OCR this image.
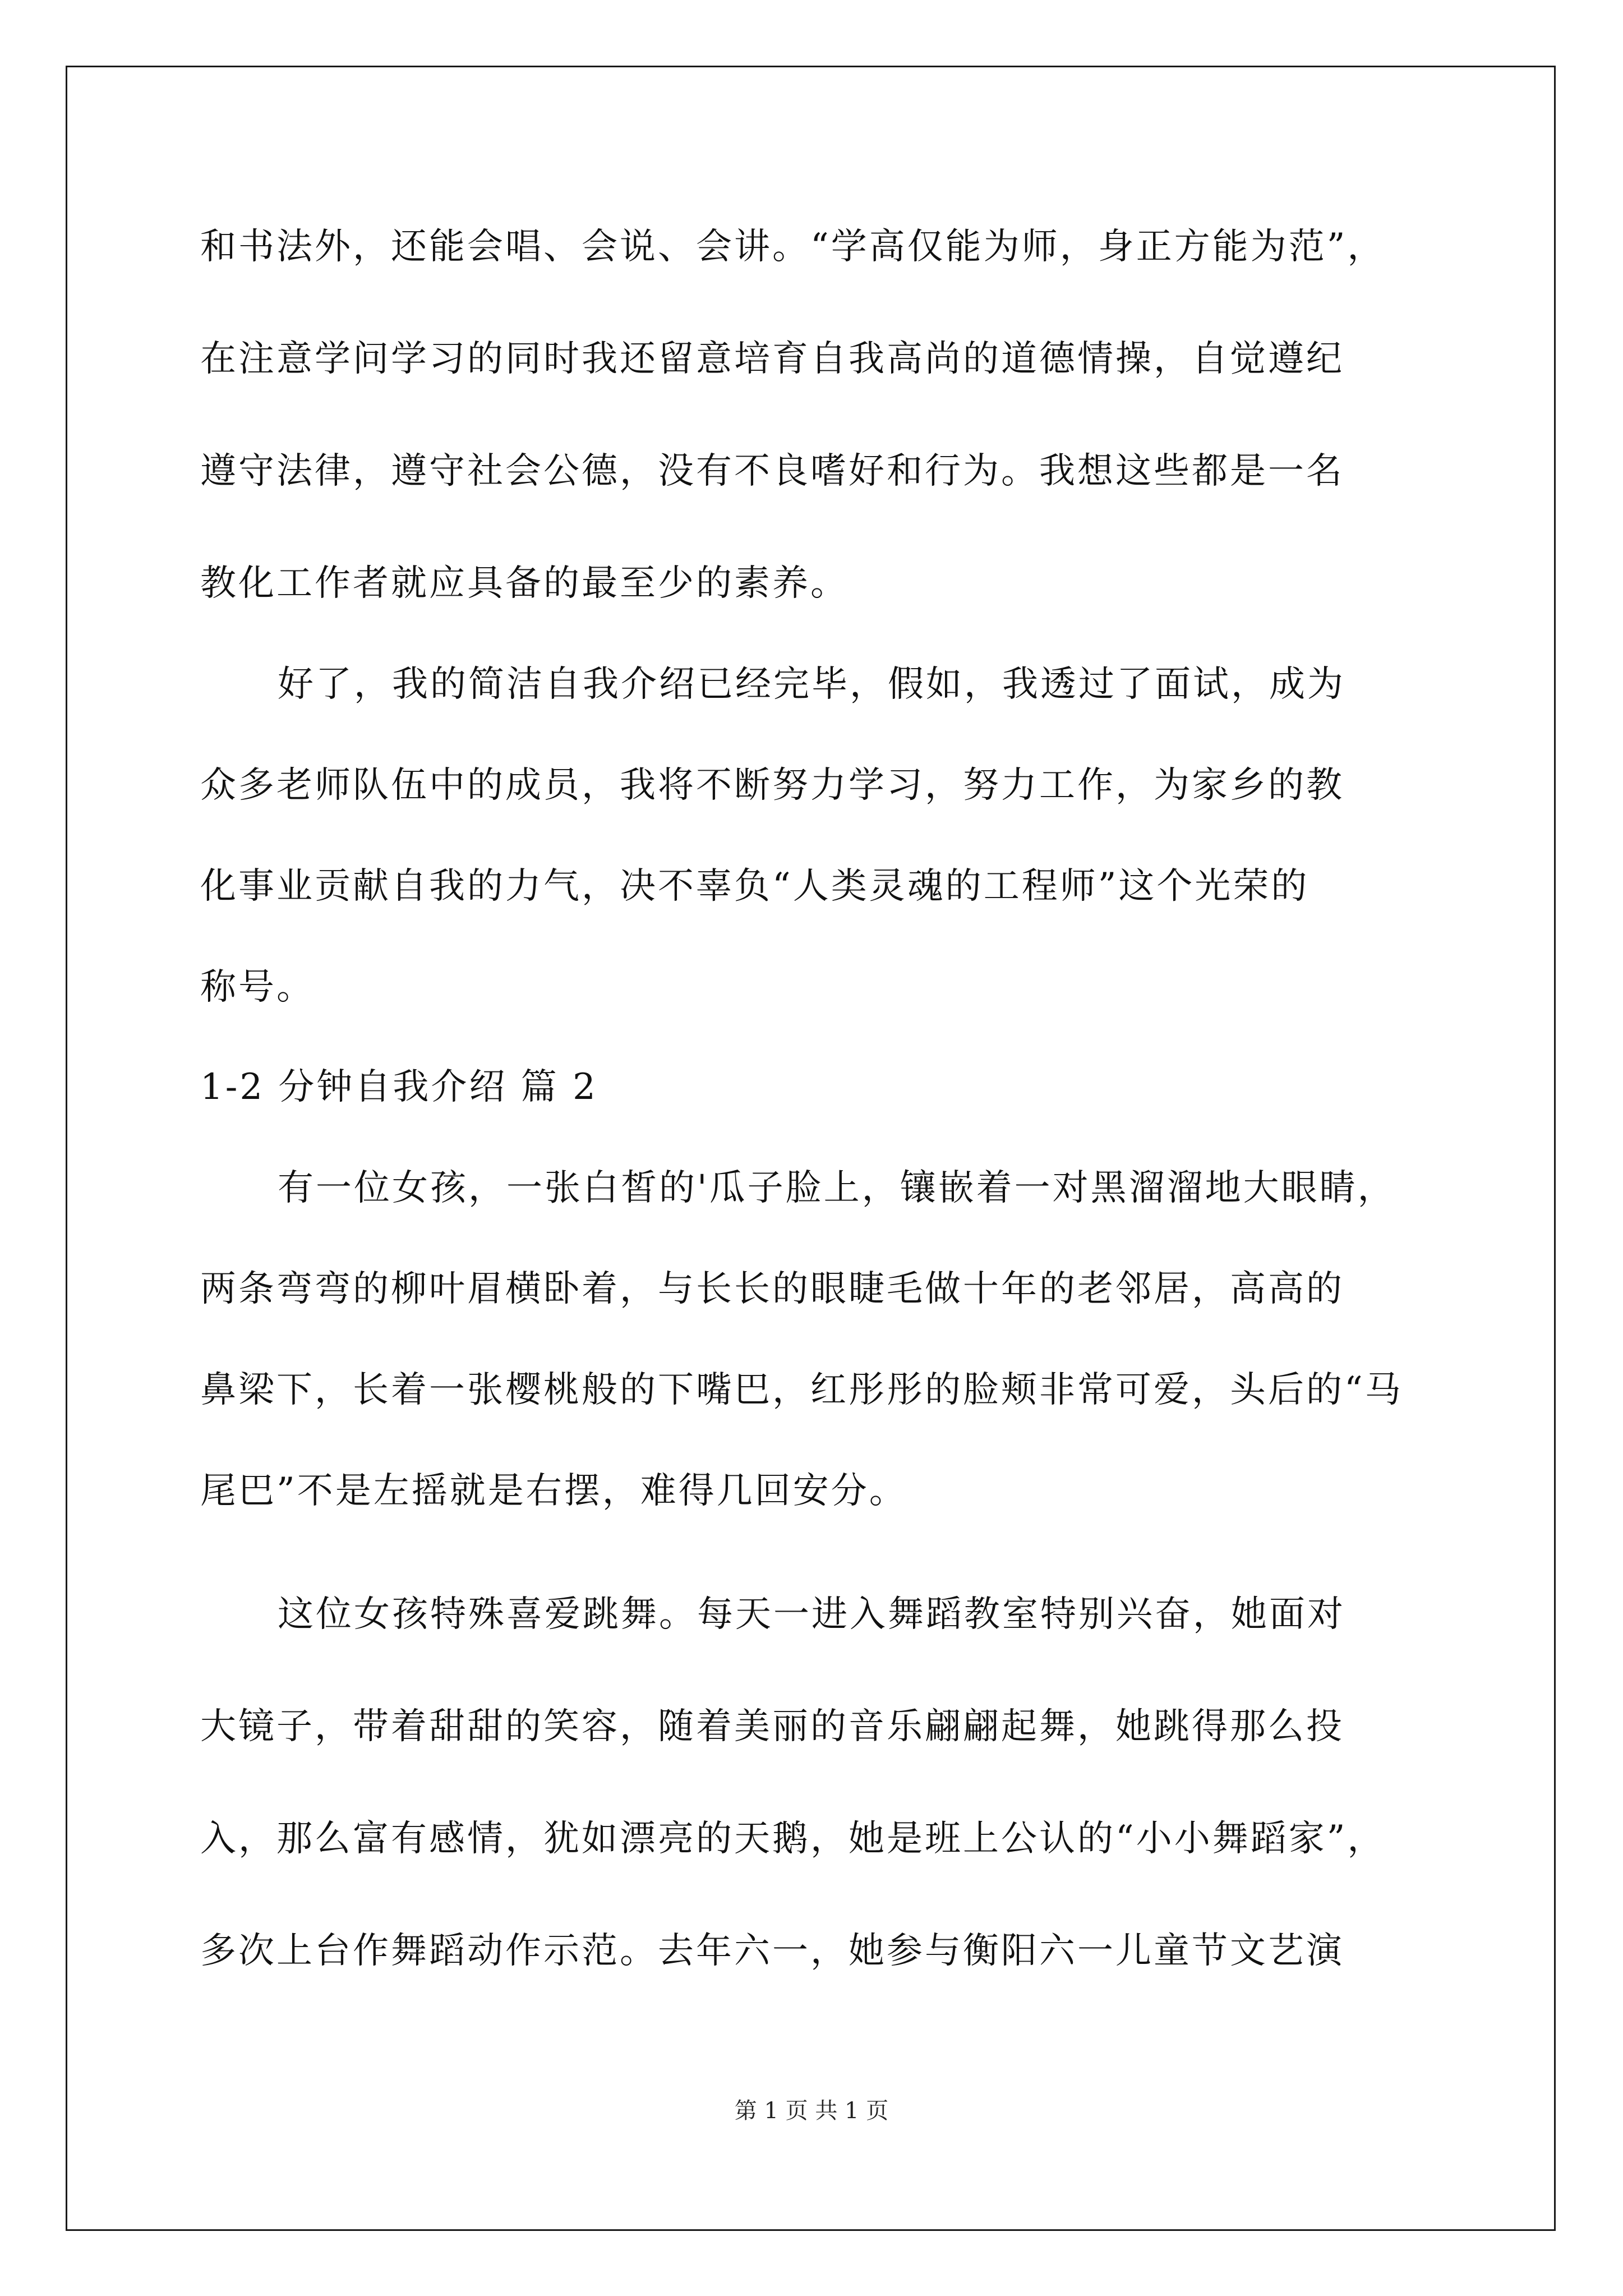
和书法外，还能会唱、会说、会讲。“学高仅能为师，身正方能为范”，
在注意学问学习的同时我还留意培育自我高尚的道德情操，自觉遵纪
遵守法律，遵守社会公德，没有不良嗜好和行为。我想这些都是一名
教化工作者就应具备的最至少的素养。
好了，我的简洁自我介绍已经完毕，假如，我透过了面试，成为
众多老师队伍中的成员，我将不断努力学习，努力工作，为家乡的教
化事业贡献自我的力气，决不辜负“人类灵魂的工程师”这个光荣的
称号。
1-2 分钟自我介绍 篇 2
有一位女孩，一张白皙的'瓜子脸上，镶嵌着一对黑溜溜地大眼睛，
两条弯弯的柳叶眉横卧着，与长长的眼睫毛做十年的老邻居，高高的
鼻梁下，长着一张樱桃般的下嘴巴，红彤彤的脸颊非常可爱，头后的“马
尾巴”不是左摇就是右摆，难得几回安分。
这位女孩特殊喜爱跳舞。每天一进入舞蹈教室特别兴奋，她面对
大镜子，带着甜甜的笑容，随着美丽的音乐翩翩起舞，她跳得那么投
入，那么富有感情，犹如漂亮的天鹅，她是班上公认的“小小舞蹈家”，
多次上台作舞蹈动作示范。去年六一，她参与衡阳六一儿童节文艺演
第 1 页 共 1 页
